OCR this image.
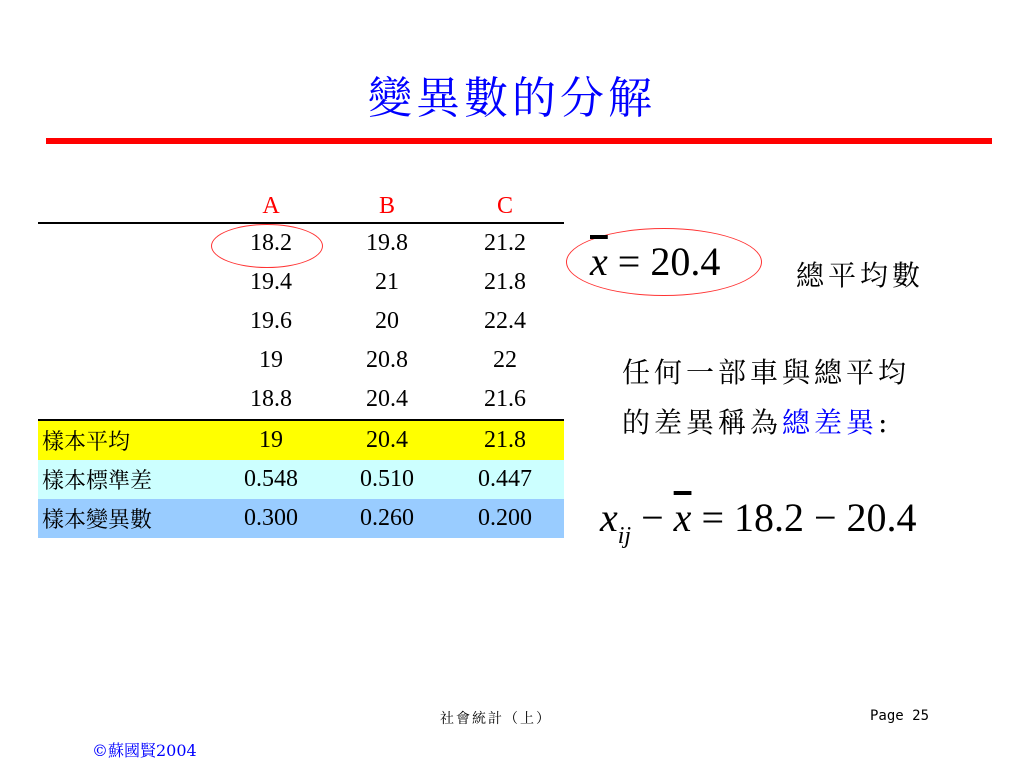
變異數的分解
	A	B	C
	18.2	19.8	21.2
	19.4	21	21.8
	19.6	20	22.4
	19	20.8	22
	18.8	20.4	21.6
樣本平均	19	20.4	21.8
樣本標準差	0.548	0.510	0.447
樣本變異數	0.300	0.260	0.200
$\overline{x} = 20.4$	總平均數
任何一部車與總平均
的差異稱為總差異:
$x_{ij} - \overline{x} = 18.2 - 20.4$
社會統計（上）	Page 25
©蘇國賢2004
